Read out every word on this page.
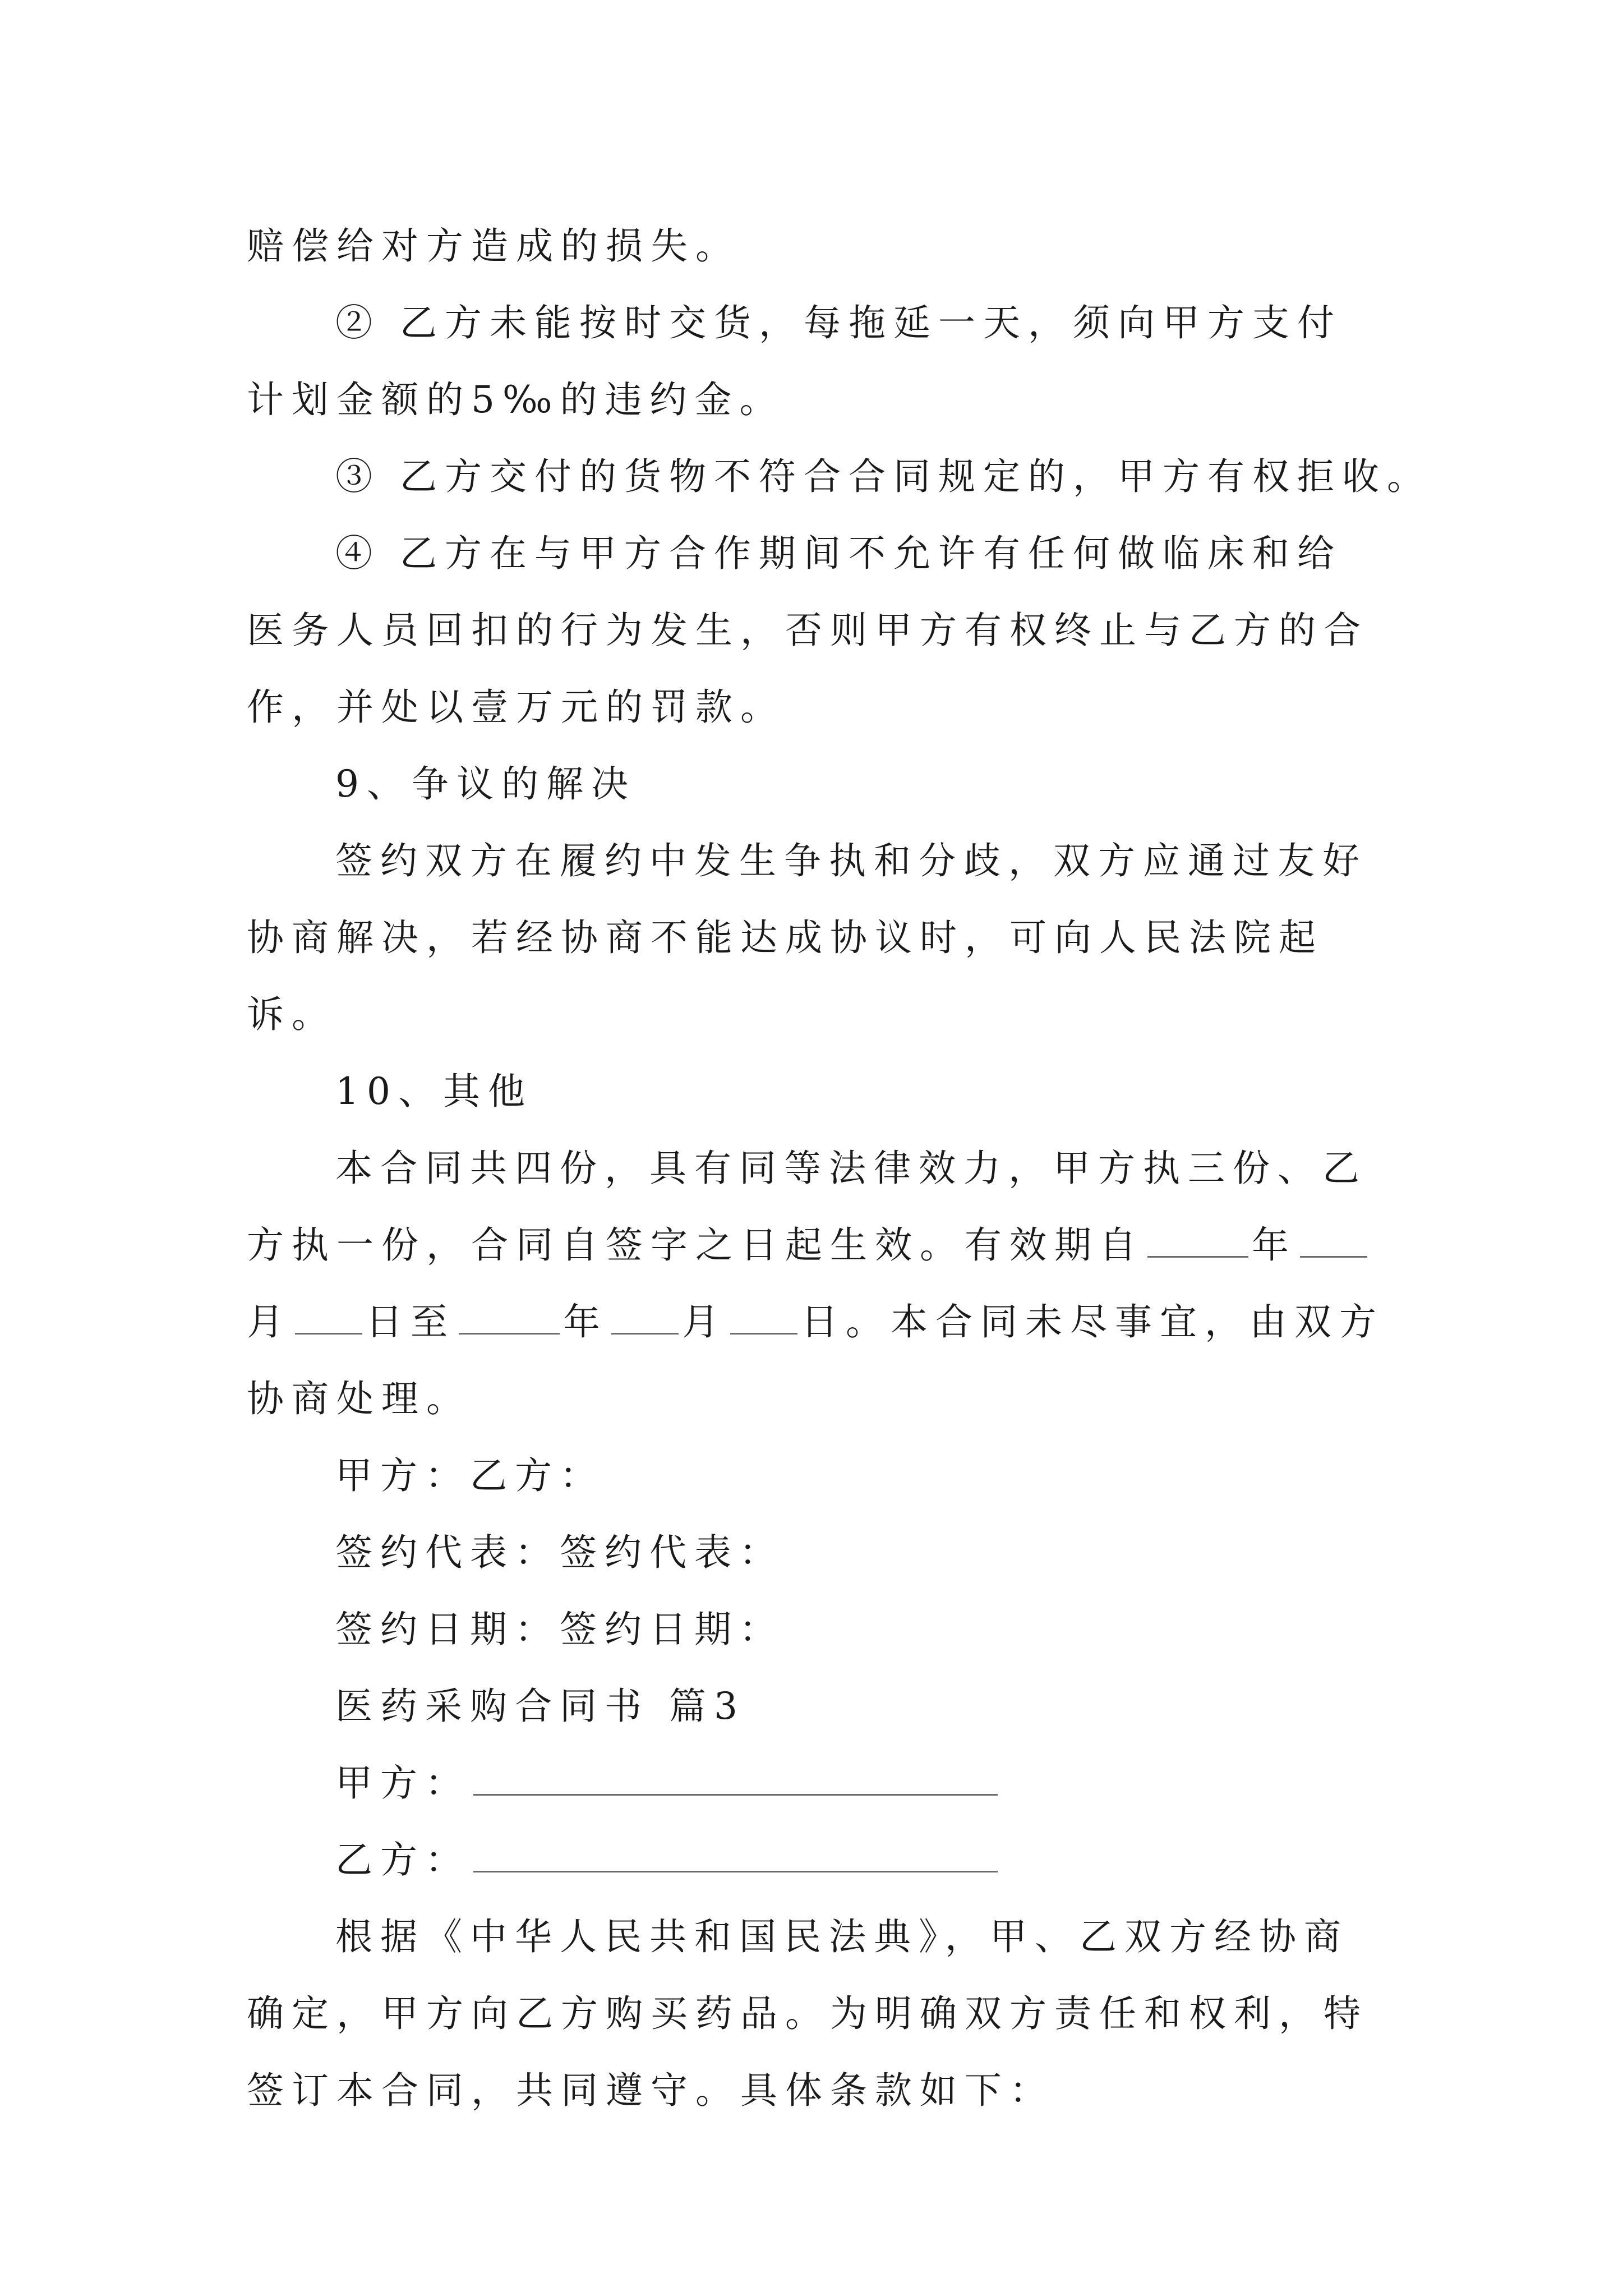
赔偿给对方造成的损失。

② 乙方未能按时交货，每拖延一天，须向甲方支付计划金额的5‰的违约金。

③ 乙方交付的货物不符合合同规定的，甲方有权拒收。

④ 乙方在与甲方合作期间不允许有任何做临床和给医务人员回扣的行为发生，否则甲方有权终止与乙方的合作，并处以壹万元的罚款。

9、争议的解决

签约双方在履约中发生争执和分歧，双方应通过友好协商解决，若经协商不能达成协议时，可向人民法院起诉。

10、其他

本合同共四份，具有同等法律效力，甲方执三份、乙方执一份，合同自签字之日起生效。有效期自	年月 日至	年 月 日。本合同未尽事宜，由双方协商处理。

甲方：乙方：

签约代表：签约代表：

签约日期：签约日期：

医药采购合同书 篇3

甲方：

乙方：

根据《中华人民共和国民法典》，甲、乙双方经协商确定，甲方向乙方购买药品。为明确双方责任和权利，特签订本合同，共同遵守。具体条款如下：
